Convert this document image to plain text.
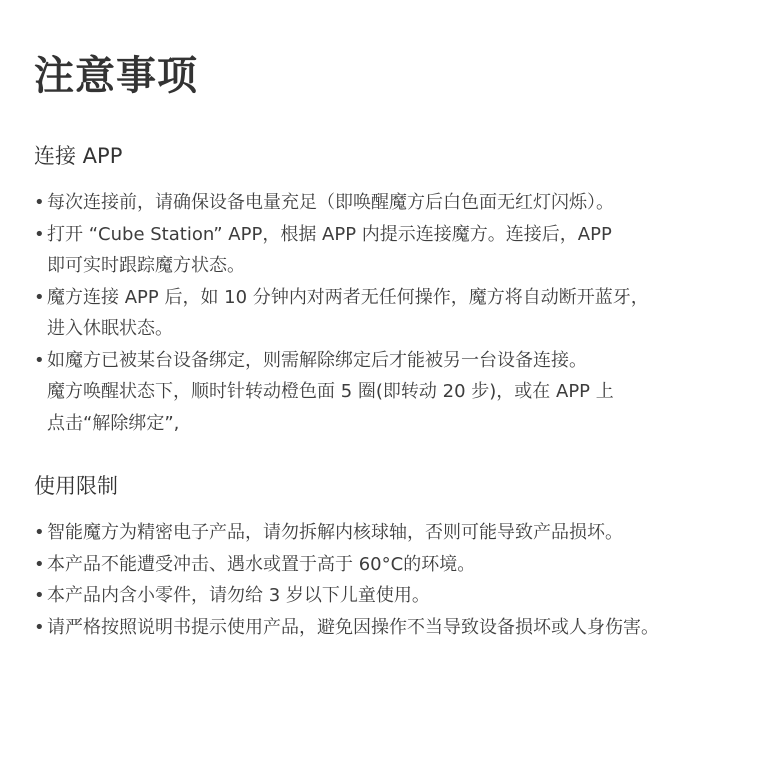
注意事项
连接 APP
• 每次连接前，请确保设备电量充足（即唤醒魔方后白色面无红灯闪烁）。
• 打开 “Cube Station” APP，根据 APP 内提示连接魔方。连接后，APP
即可实时跟踪魔方状态。
• 魔方连接 APP 后，如 10 分钟内对两者无任何操作，魔方将自动断开蓝牙，
进入休眠状态。
• 如魔方已被某台设备绑定，则需解除绑定后才能被另一台设备连接。
魔方唤醒状态下，顺时针转动橙色面 5 圈(即转动 20 步)，或在 APP 上
点击“解除绑定”,
使用限制
• 智能魔方为精密电子产品，请勿拆解内核球轴，否则可能导致产品损坏。
• 本产品不能遭受冲击、遇水或置于高于 60°C的环境。
• 本产品内含小零件，请勿给 3 岁以下儿童使用。
• 请严格按照说明书提示使用产品，避免因操作不当导致设备损坏或人身伤害。
